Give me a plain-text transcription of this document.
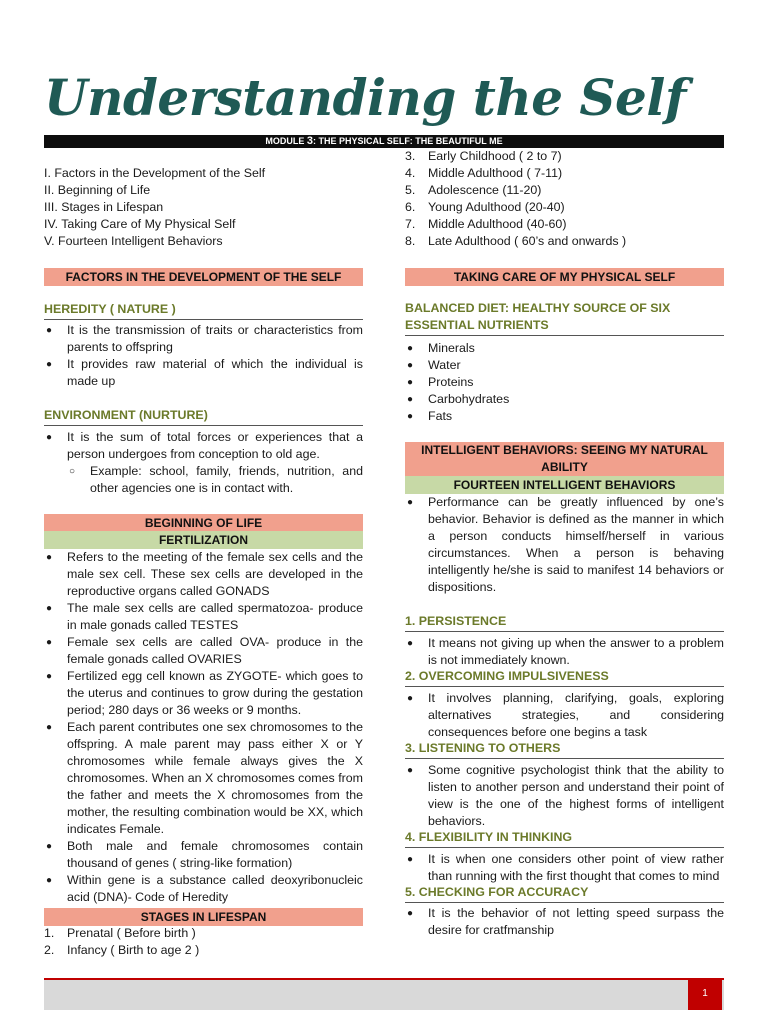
Understanding the Self
MODULE 3: THE PHYSICAL SELF: THE BEAUTIFUL ME
I. Factors in the Development of the Self
II. Beginning of Life
III. Stages in Lifespan
IV. Taking Care of My Physical Self
V. Fourteen Intelligent Behaviors
FACTORS IN THE DEVELOPMENT OF THE SELF
HEREDITY ( NATURE )
● It is the transmission of traits or characteristics from parents to offspring
● It provides raw material of which the individual is made up
ENVIRONMENT (NURTURE)
● It is the sum of total forces or experiences that a person undergoes from conception to old age.
○ Example: school, family, friends, nutrition, and other agencies one is in contact with.
BEGINNING OF LIFE
FERTILIZATION
● Refers to the meeting of the female sex cells and the male sex cell. These sex cells are developed in the reproductive organs called GONADS
● The male sex cells are called spermatozoa- produce in male gonads called TESTES
● Female sex cells are called OVA- produce in the female gonads called OVARIES
● Fertilized egg cell known as ZYGOTE- which goes to the uterus and continues to grow during the gestation period; 280 days or 36 weeks or 9 months.
● Each parent contributes one sex chromosomes to the offspring. A male parent may pass either X or Y chromosomes while female always gives the X chromosomes. When an X chromosomes comes from the father and meets the X chromosomes from the mother, the resulting combination would be XX, which indicates Female.
● Both male and female chromosomes contain thousand of genes ( string-like formation)
● Within gene is a substance called deoxyribonucleic acid (DNA)- Code of Heredity
STAGES IN LIFESPAN
1. Prenatal ( Before birth )
2. Infancy ( Birth to age 2 )
3. Early Childhood ( 2 to 7)
4. Middle Adulthood ( 7-11)
5. Adolescence (11-20)
6. Young Adulthood (20-40)
7. Middle Adulthood (40-60)
8. Late Adulthood ( 60’s and onwards )
TAKING CARE OF MY PHYSICAL SELF
BALANCED DIET: HEALTHY SOURCE OF SIX ESSENTIAL NUTRIENTS
● Minerals
● Water
● Proteins
● Carbohydrates
● Fats
INTELLIGENT BEHAVIORS: SEEING MY NATURAL ABILITY
FOURTEEN INTELLIGENT BEHAVIORS
● Performance can be greatly influenced by one’s behavior. Behavior is defined as the manner in which a person conducts himself/herself in various circumstances. When a person is behaving intelligently he/she is said to manifest 14 behaviors or dispositions.
1. PERSISTENCE
● It means not giving up when the answer to a problem is not immediately known.
2. OVERCOMING IMPULSIVENESS
● It involves planning, clarifying, goals, exploring alternatives strategies, and considering consequences before one begins a task
3. LISTENING TO OTHERS
● Some cognitive psychologist think that the ability to listen to another person and understand their point of view is the one of the highest forms of intelligent behaviors.
4. FLEXIBILITY IN THINKING
● It is when one considers other point of view rather than running with the first thought that comes to mind
5. CHECKING FOR ACCURACY
● It is the behavior of not letting speed surpass the desire for cratfmanship
1
